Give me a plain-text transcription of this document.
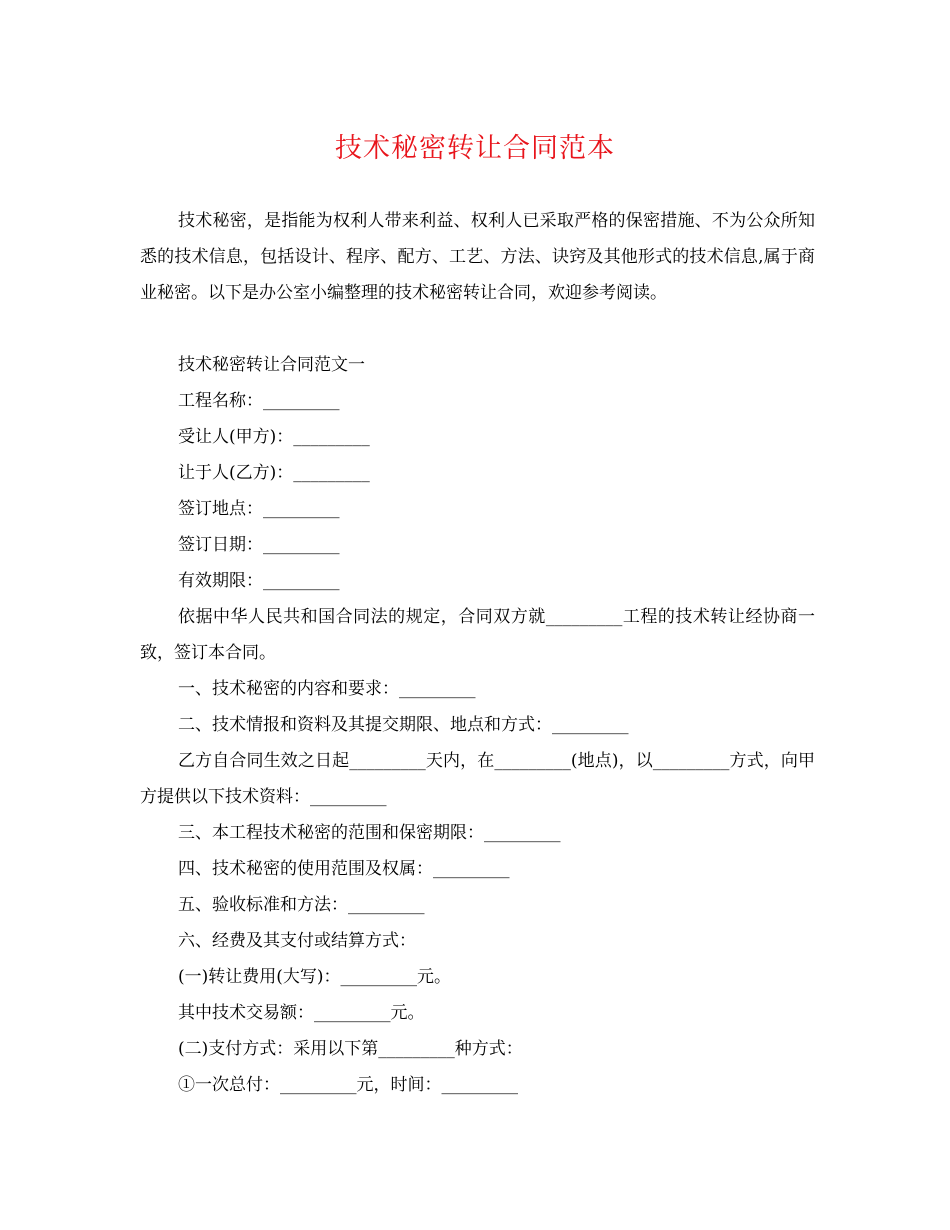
技术秘密转让合同范本
技术秘密，是指能为权利人带来利益、权利人已采取严格的保密措施、不为公众所知悉的技术信息，包括设计、程序、配方、工艺、方法、诀窍及其他形式的技术信息,属于商业秘密。以下是办公室小编整理的技术秘密转让合同，欢迎参考阅读。
技术秘密转让合同范文一
工程名称：_________
受让人(甲方)：_________
让于人(乙方)：_________
签订地点：_________
签订日期：_________
有效期限：_________
依据中华人民共和国合同法的规定，合同双方就_________工程的技术转让经协商一致，签订本合同。
一、技术秘密的内容和要求：_________
二、技术情报和资料及其提交期限、地点和方式：_________
乙方自合同生效之日起_________天内，在_________(地点)，以_________方式，向甲方提供以下技术资料：_________
三、本工程技术秘密的范围和保密期限：_________
四、技术秘密的使用范围及权属：_________
五、验收标准和方法：_________
六、经费及其支付或结算方式：
(一)转让费用(大写)：_________元。
其中技术交易额：_________元。
(二)支付方式：采用以下第_________种方式：
①一次总付：_________元，时间：_________
